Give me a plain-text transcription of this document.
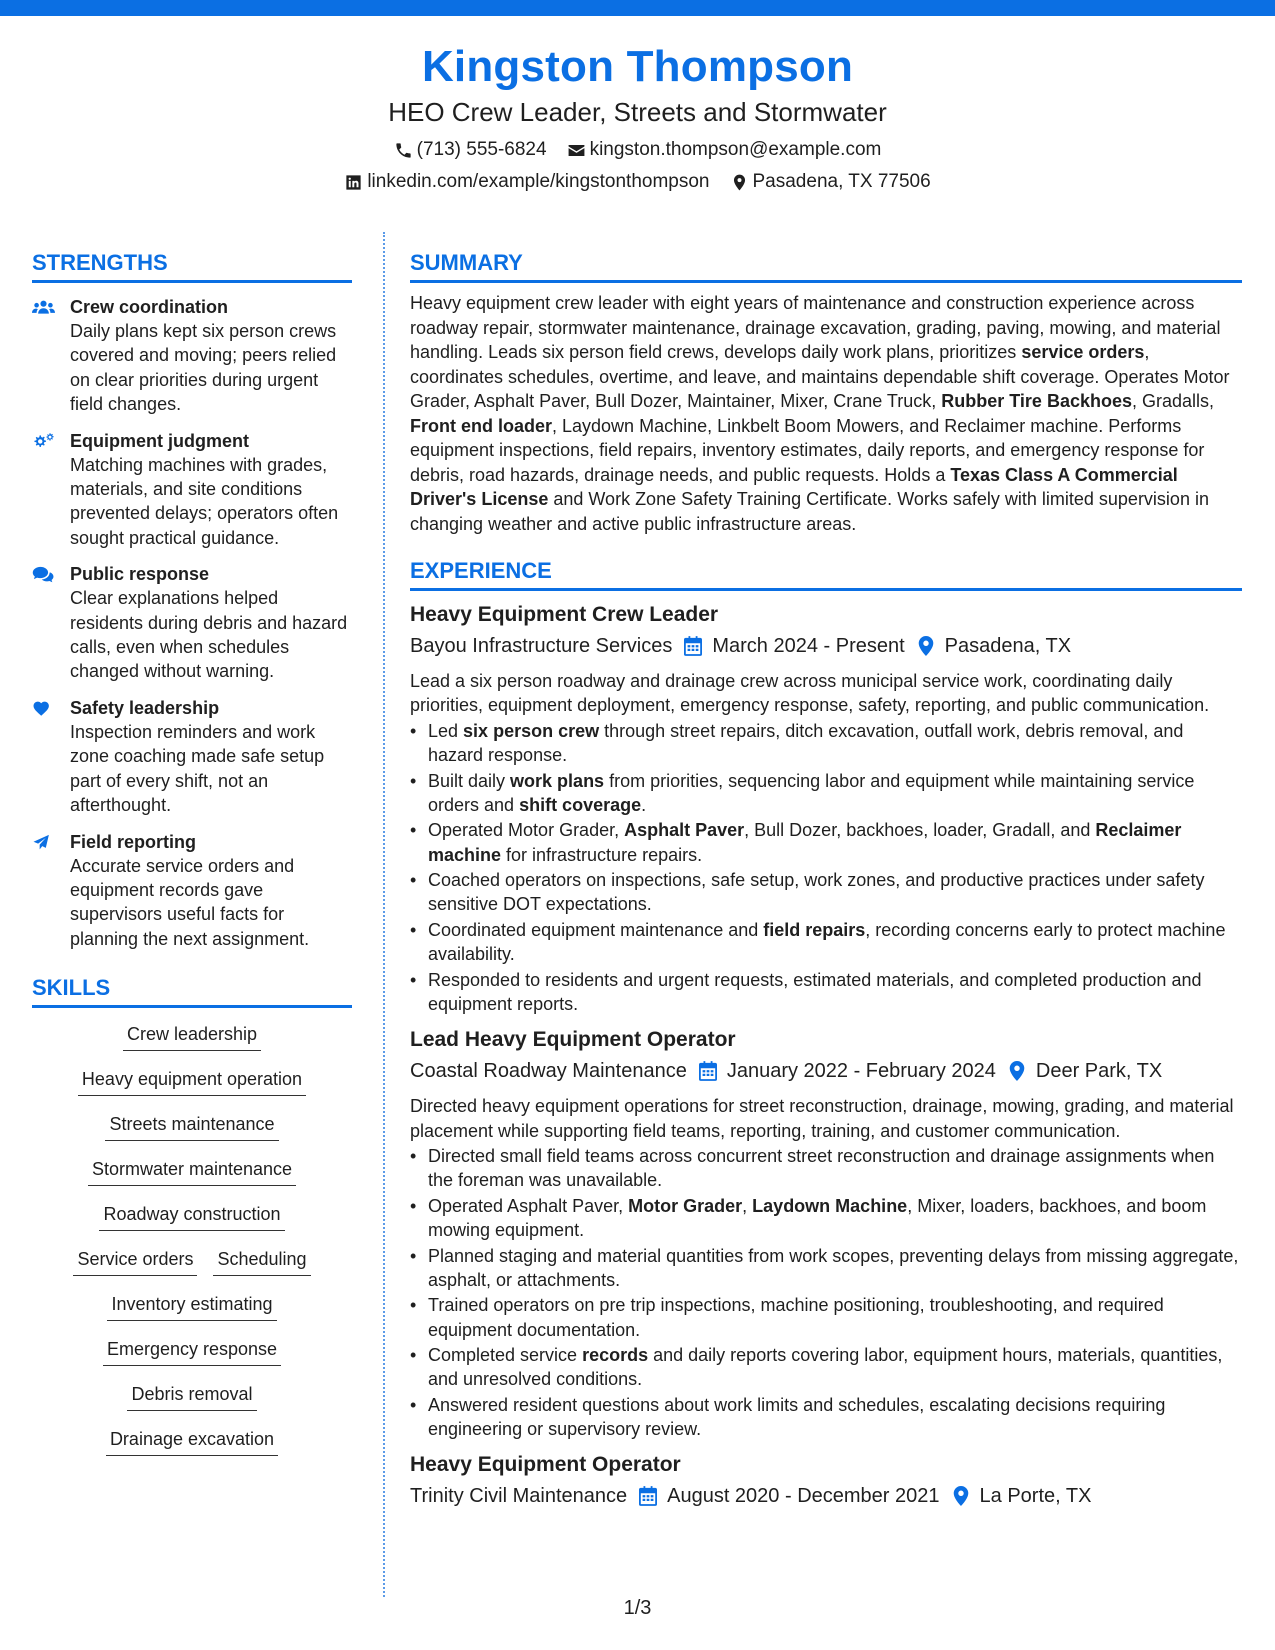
Kingston Thompson
HEO Crew Leader, Streets and Stormwater
(713) 555-6824 kingston.thompson@example.com
linkedin.com/example/kingstonthompson Pasadena, TX 77506
STRENGTHS
Crew coordination
Daily plans kept six person crews covered and moving; peers relied on clear priorities during urgent field changes.
Equipment judgment
Matching machines with grades, materials, and site conditions prevented delays; operators often sought practical guidance.
Public response
Clear explanations helped residents during debris and hazard calls, even when schedules changed without warning.
Safety leadership
Inspection reminders and work zone coaching made safe setup part of every shift, not an afterthought.
Field reporting
Accurate service orders and equipment records gave supervisors useful facts for planning the next assignment.
SKILLS
Crew leadership
Heavy equipment operation
Streets maintenance
Stormwater maintenance
Roadway construction
Service orders Scheduling
Inventory estimating
Emergency response
Debris removal
Drainage excavation
SUMMARY
Heavy equipment crew leader with eight years of maintenance and construction experience across roadway repair, stormwater maintenance, drainage excavation, grading, paving, mowing, and material handling. Leads six person field crews, develops daily work plans, prioritizes service orders, coordinates schedules, overtime, and leave, and maintains dependable shift coverage. Operates Motor Grader, Asphalt Paver, Bull Dozer, Maintainer, Mixer, Crane Truck, Rubber Tire Backhoes, Gradalls, Front end loader, Laydown Machine, Linkbelt Boom Mowers, and Reclaimer machine. Performs equipment inspections, field repairs, inventory estimates, daily reports, and emergency response for debris, road hazards, drainage needs, and public requests. Holds a Texas Class A Commercial Driver's License and Work Zone Safety Training Certificate. Works safely with limited supervision in changing weather and active public infrastructure areas.
EXPERIENCE
Heavy Equipment Crew Leader
Bayou Infrastructure Services March 2024 - Present Pasadena, TX
Lead a six person roadway and drainage crew across municipal service work, coordinating daily priorities, equipment deployment, emergency response, safety, reporting, and public communication.
• Led six person crew through street repairs, ditch excavation, outfall work, debris removal, and hazard response.
• Built daily work plans from priorities, sequencing labor and equipment while maintaining service orders and shift coverage.
• Operated Motor Grader, Asphalt Paver, Bull Dozer, backhoes, loader, Gradall, and Reclaimer machine for infrastructure repairs.
• Coached operators on inspections, safe setup, work zones, and productive practices under safety sensitive DOT expectations.
• Coordinated equipment maintenance and field repairs, recording concerns early to protect machine availability.
• Responded to residents and urgent requests, estimated materials, and completed production and equipment reports.
Lead Heavy Equipment Operator
Coastal Roadway Maintenance January 2022 - February 2024 Deer Park, TX
Directed heavy equipment operations for street reconstruction, drainage, mowing, grading, and material placement while supporting field teams, reporting, training, and customer communication.
• Directed small field teams across concurrent street reconstruction and drainage assignments when the foreman was unavailable.
• Operated Asphalt Paver, Motor Grader, Laydown Machine, Mixer, loaders, backhoes, and boom mowing equipment.
• Planned staging and material quantities from work scopes, preventing delays from missing aggregate, asphalt, or attachments.
• Trained operators on pre trip inspections, machine positioning, troubleshooting, and required equipment documentation.
• Completed service records and daily reports covering labor, equipment hours, materials, quantities, and unresolved conditions.
• Answered resident questions about work limits and schedules, escalating decisions requiring engineering or supervisory review.
Heavy Equipment Operator
Trinity Civil Maintenance August 2020 - December 2021 La Porte, TX
1/3
